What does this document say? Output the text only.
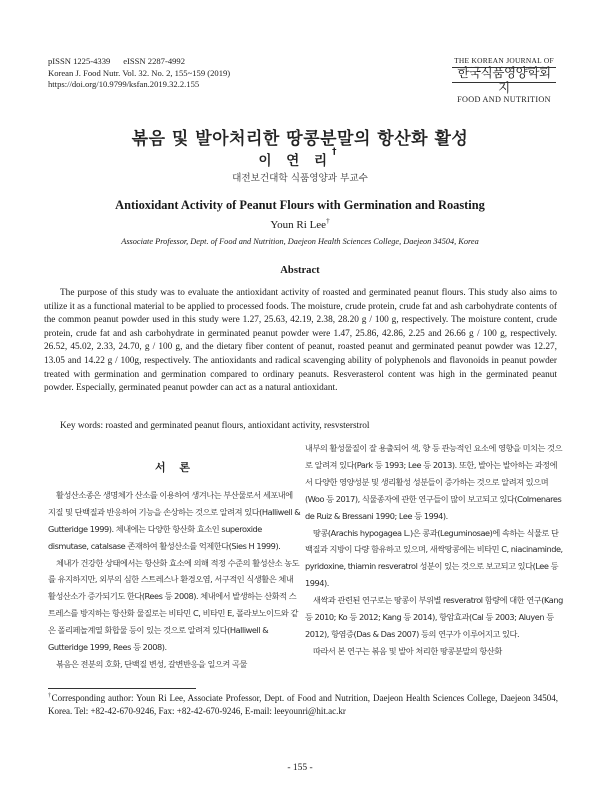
pISSN 1225-4339      eISSN 2287-4992
Korean J. Food Nutr. Vol. 32. No. 2, 155~159 (2019)
https://doi.org/10.9799/ksfan.2019.32.2.155
THE KOREAN JOURNAL OF
한국식품영양학회지
FOOD AND NUTRITION
볶음 및 발아처리한 땅콩분말의 항산화 활성
이 연 리†
대전보건대학 식품영양과 부교수
Antioxidant Activity of Peanut Flours with Germination and Roasting
Youn Ri Lee†
Associate Professor, Dept. of Food and Nutrition, Daejeon Health Sciences College, Daejeon 34504, Korea
Abstract
The purpose of this study was to evaluate the antioxidant activity of roasted and germinated peanut flours. This study also aims to utilize it as a functional material to be applied to processed foods. The moisture, crude protein, crude fat and ash carbohydrate contents of the common peanut powder used in this study were 1.27, 25.63, 42.19, 2.38, 28.20 g / 100 g, respectively. The moisture content, crude protein, crude fat and ash carbohydrate in germinated peanut powder were 1.47, 25.86, 42.86, 2.25 and 26.66 g / 100 g, respectively. 26.52, 45.02, 2.33, 24.70, g / 100 g, and the dietary fiber content of peanut, roasted peanut and germinated peanut powder was 12.27, 13.05 and 14.22 g / 100g, respectively. The antioxidants and radical scavenging ability of polyphenols and flavonoids in peanut powder treated with germination and germination compared to ordinary peanuts. Resverasterol content was high in the germinated peanut powder. Especially, germinated peanut powder can act as a natural antioxidant.
Key words: roasted and germinated peanut flours, antioxidant activity, resvsterstrol
서 론

활성산소종은 생명체가 산소를 이용하여 생겨나는 부산물로서 세포내에 지질 및 단백질과 반응하여 기능을 손상하는 것으로 알려져 있다(Halliwell & Gutteridge 1999). 체내에는 다양한 항산화 효소인 superoxide dismutase, catalsase 존재하여 활성산소를 억제한다(Sies H 1999).

체내가 건강한 상태에서는 항산화 효소에 의해 적정 수준의 활성산소 농도를 유지하지만, 외부의 심한 스트레스나 환경오염, 서구적인 식생활은 체내 활성산소가 증가되기도 한다(Rees 등 2008). 체내에서 발생하는 산화적 스트레스를 방지하는 항산화 물질로는 비타민 C, 비타민 E, 폴라보노이드와 같은 폴리페놀계열 화합물 등이 있는 것으로 알려져 있다(Halliwell & Gutteridge 1999, Rees 등 2008).

볶음은 전분의 호화, 단백질 변성, 갈변반응을 일으켜 곡물

내부의 활성물질이 잘 용출되어 색, 향 등 관능적인 요소에 영향을 미치는 것으로 알려져 있다(Park 등 1993; Lee 등 2013). 또한, 발아는 발아하는 과정에서 다양한 영양성분 및 생리활성 성분들이 증가하는 것으로 알려져 있으며(Woo 등 2017), 식물종자에 관한 연구들이 많이 보고되고 있다(Colmenares de Ruiz & Bressani 1990; Lee 등 1994).

땅콩(Arachis hypogagea L.)은 콩과(Leguminosae)에 속하는 식물로 단백질과 지방이 다량 함유하고 있으며, 새싹땅콩에는 비타민 C, niacinaminde, pyridoxine, thiamin resveratrol 성분이 있는 것으로 보고되고 있다(Lee 등 1994).

새싹과 관련된 연구로는 땅콩이 부위별 resveratrol 함량에 대한 연구(Kang 등 2010; Ko 등 2012; Kang 등 2014), 항암효과(Cal 등 2003; Aluyen 등 2012), 항염증(Das & Das 2007) 등의 연구가 이루어지고 있다.

따라서 본 연구는 볶음 및 발아 처리한 땅콩분말의 항산화

†Corresponding author: Youn Ri Lee, Associate Professor, Dept. of Food and Nutrition, Daejeon Health Sciences College, Daejeon 34504, Korea. Tel: +82-42-670-9246, Fax: +82-42-670-9246, E-mail: leeyounri@hit.ac.kr
- 155 -
